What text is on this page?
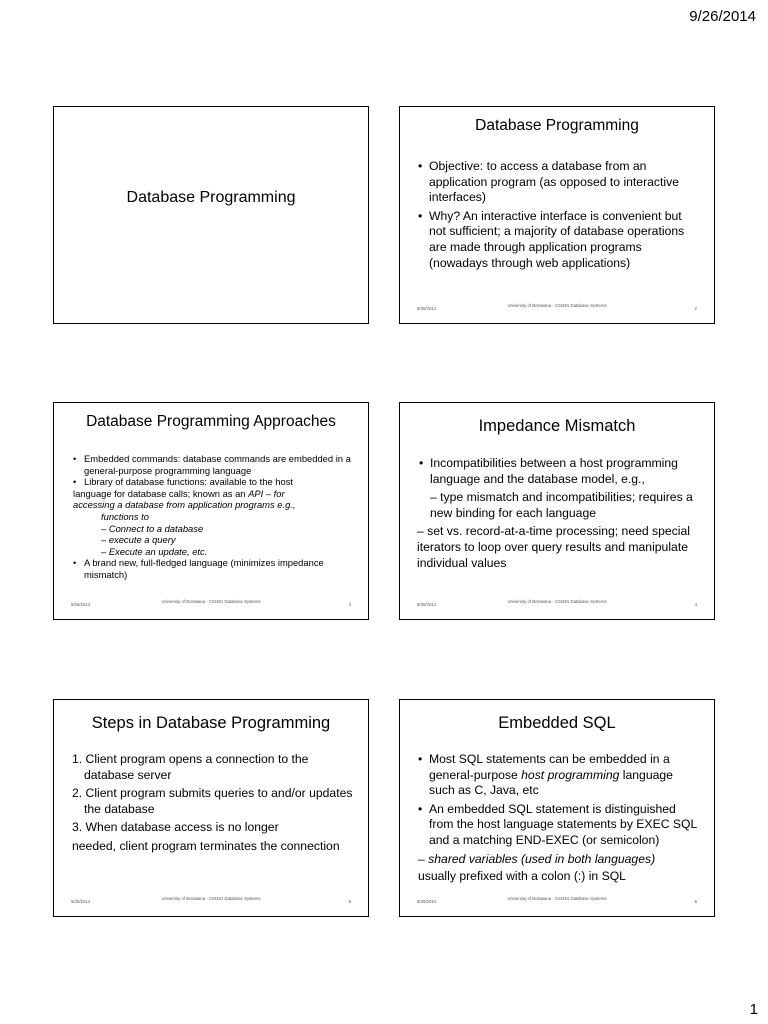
9/26/2014
Database Programming
Database Programming
• Objective: to access a database from an application program (as opposed to interactive interfaces)
• Why? An interactive interface is convenient but not sufficient; a majority of database operations are made through application programs (nowadays through web applications)
9/26/2014
University of Botswana - CSI481 Database Systems
2
Database Programming Approaches
• Embedded commands: database commands are embedded in a general-purpose programming language
• Library of database functions: available to the host
language for database calls; known as an API – for
accessing a database from application programs e.g.,
functions to
– Connect to a database
– execute a query
– Execute an update, etc.
• A brand new, full-fledged language (minimizes impedance mismatch)
9/26/2014
University of Botswana - CSI481 Database Systems
3
Impedance Mismatch
• Incompatibilities between a host programming language and the database model, e.g.,
– type mismatch and incompatibilities; requires a new binding for each language
– set vs. record-at-a-time processing; need special iterators to loop over query results and manipulate individual values
9/26/2014
University of Botswana - CSI481 Database Systems
4
Steps in Database Programming
1. Client program opens a connection to the database server
2. Client program submits queries to and/or updates the database
3. When database access is no longer
needed, client program terminates the connection
9/26/2014
University of Botswana - CSI481 Database Systems
5
Embedded SQL
• Most SQL statements can be embedded in a general-purpose host programming language such as C, Java, etc
• An embedded SQL statement is distinguished from the host language statements by EXEC SQL and a matching END-EXEC (or semicolon)
– shared variables (used in both languages)
usually prefixed with a colon (:) in SQL
9/26/2014
University of Botswana - CSI481 Database Systems
6
1
